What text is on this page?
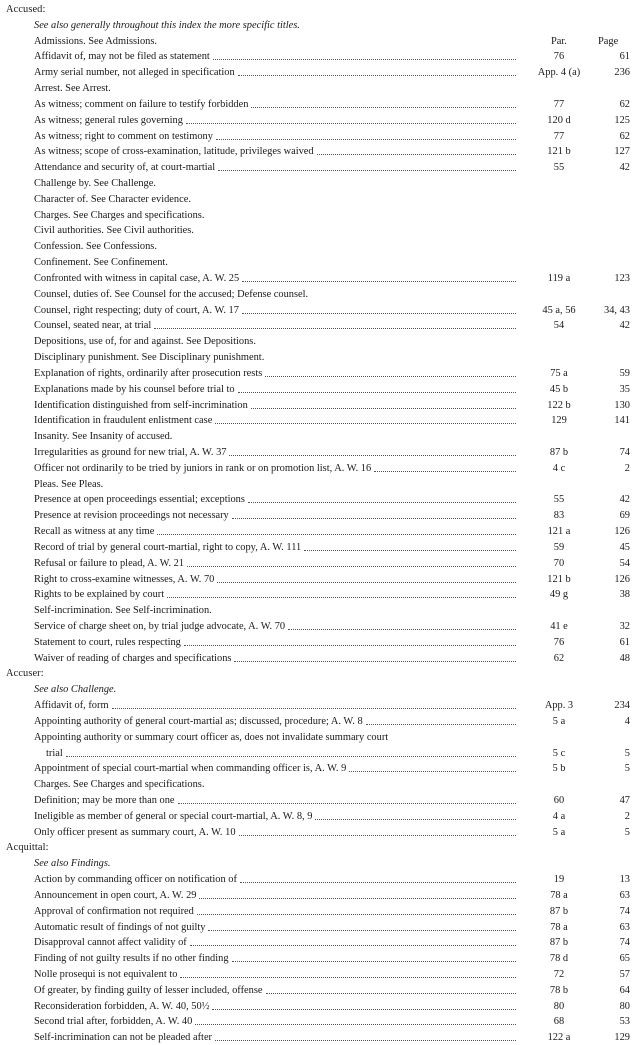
Accused:
See also generally throughout this index the more specific titles.
Admissions. See Admissions.	Par.	Page
Affidavit of, may not be filed as statement	76	61
Army serial number, not alleged in specification	App. 4 (a)	236
Arrest. See Arrest.
As witness; comment on failure to testify forbidden	77	62
As witness; general rules governing	120 d	125
As witness; right to comment on testimony	77	62
As witness; scope of cross-examination, latitude, privileges waived	121 b	127
Attendance and security of, at court-martial	55	42
Challenge by. See Challenge.
Character of. See Character evidence.
Charges. See Charges and specifications.
Civil authorities. See Civil authorities.
Confession. See Confessions.
Confinement. See Confinement.
Confronted with witness in capital case, A. W. 25	119 a	123
Counsel, duties of. See Counsel for the accused; Defense counsel.
Counsel, right respecting; duty of court, A. W. 17	45 a, 56	34, 43
Counsel, seated near, at trial	54	42
Depositions, use of, for and against. See Depositions.
Disciplinary punishment. See Disciplinary punishment.
Explanation of rights, ordinarily after prosecution rests	75 a	59
Explanations made by his counsel before trial to	45 b	35
Identification distinguished from self-incrimination	122 b	130
Identification in fraudulent enlistment case	129	141
Insanity. See Insanity of accused.
Irregularities as ground for new trial, A. W. 37	87 b	74
Officer not ordinarily to be tried by juniors in rank or on promotion list, A. W. 16	4 c	2
Pleas. See Pleas.
Presence at open proceedings essential; exceptions	55	42
Presence at revision proceedings not necessary	83	69
Recall as witness at any time	121 a	126
Record of trial by general court-martial, right to copy, A. W. 111	59	45
Refusal or failure to plead, A. W. 21	70	54
Right to cross-examine witnesses, A. W. 70	121 b	126
Rights to be explained by court	49 g	38
Self-incrimination. See Self-incrimination.
Service of charge sheet on, by trial judge advocate, A. W. 70	41 e	32
Statement to court, rules respecting	76	61
Waiver of reading of charges and specifications	62	48
Accuser:
See also Challenge.
Affidavit of, form	App. 3	234
Appointing authority of general court-martial as; discussed, procedure; A. W. 8	5 a	4
Appointing authority or summary court officer as, does not invalidate summary court
trial	5 c	5
Appointment of special court-martial when commanding officer is, A. W. 9	5 b	5
Charges. See Charges and specifications.
Definition; may be more than one	60	47
Ineligible as member of general or special court-martial, A. W. 8, 9	4 a	2
Only officer present as summary court, A. W. 10	5 a	5
Acquittal:
See also Findings.
Action by commanding officer on notification of	19	13
Announcement in open court, A. W. 29	78 a	63
Approval of confirmation not required	87 b	74
Automatic result of findings of not guilty	78 a	63
Disapproval cannot affect validity of	87 b	74
Finding of not guilty results if no other finding	78 d	65
Nolle prosequi is not equivalent to	72	57
Of greater, by finding guilty of lesser included, offense	78 b	64
Reconsideration forbidden, A. W. 40, 50½	80	80
Second trial after, forbidden, A. W. 40	68	53
Self-incrimination can not be pleaded after	122 a	129
